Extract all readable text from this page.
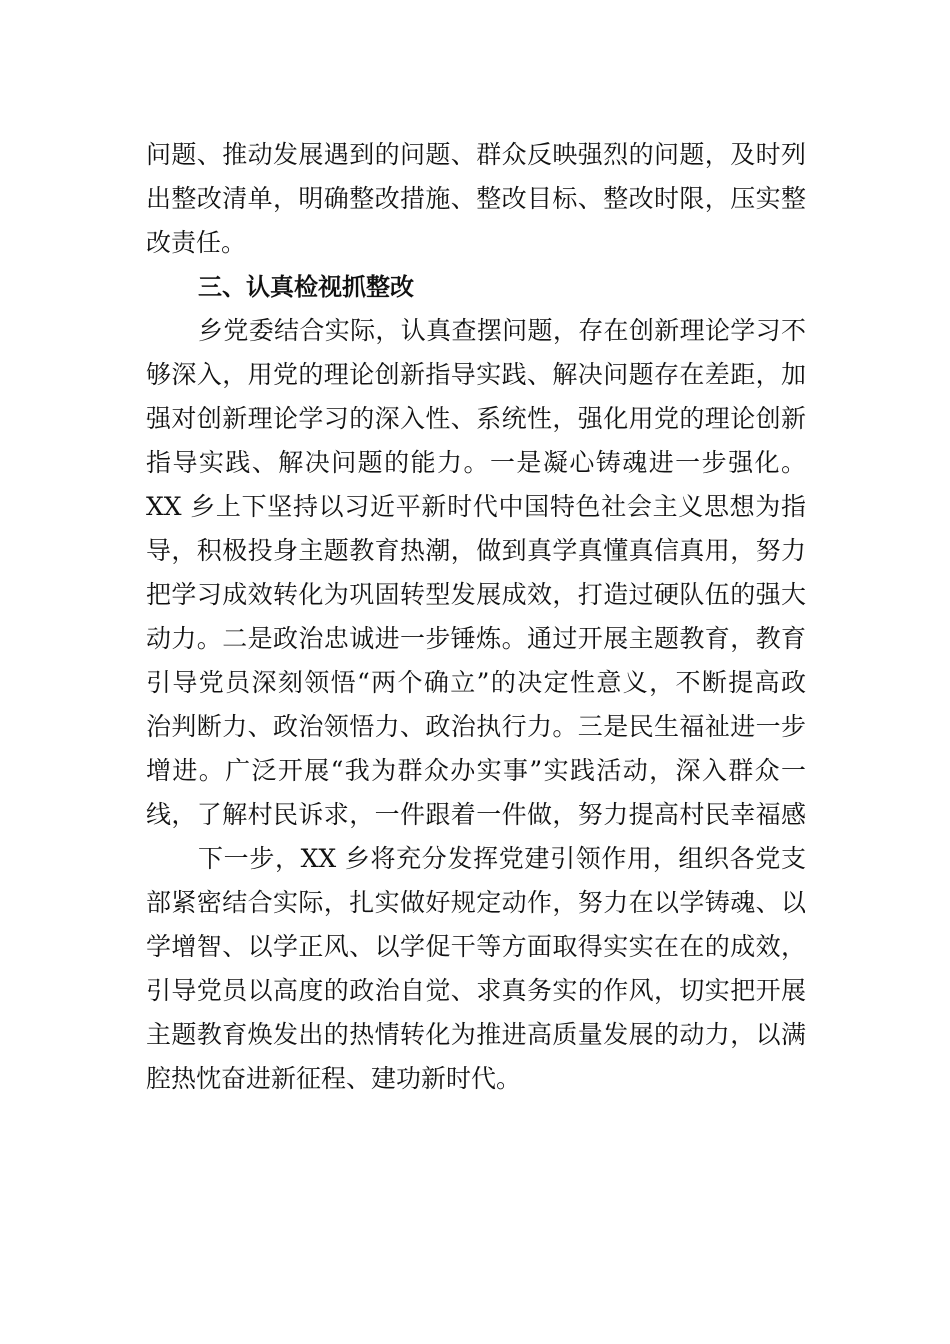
问题、推动发展遇到的问题、群众反映强烈的问题，及时列

出整改清单，明确整改措施、整改目标、整改时限，压实整

改责任。

三、认真检视抓整改

乡党委结合实际，认真查摆问题，存在创新理论学习不

够深入，用党的理论创新指导实践、解决问题存在差距，加

强对创新理论学习的深入性、系统性，强化用党的理论创新

指导实践、解决问题的能力。一是凝心铸魂进一步强化。

XX 乡上下坚持以习近平新时代中国特色社会主义思想为指

导，积极投身主题教育热潮，做到真学真懂真信真用，努力

把学习成效转化为巩固转型发展成效，打造过硬队伍的强大

动力。二是政治忠诚进一步锤炼。通过开展主题教育，教育

引导党员深刻领悟“两个确立”的决定性意义，不断提高政

治判断力、政治领悟力、政治执行力。三是民生福祉进一步

增进。广泛开展“我为群众办实事”实践活动，深入群众一

线，了解村民诉求，一件跟着一件做，努力提高村民幸福感

下一步，XX 乡将充分发挥党建引领作用，组织各党支

部紧密结合实际，扎实做好规定动作，努力在以学铸魂、以

学增智、以学正风、以学促干等方面取得实实在在的成效，

引导党员以高度的政治自觉、求真务实的作风，切实把开展

主题教育焕发出的热情转化为推进高质量发展的动力，以满

腔热忱奋进新征程、建功新时代。
